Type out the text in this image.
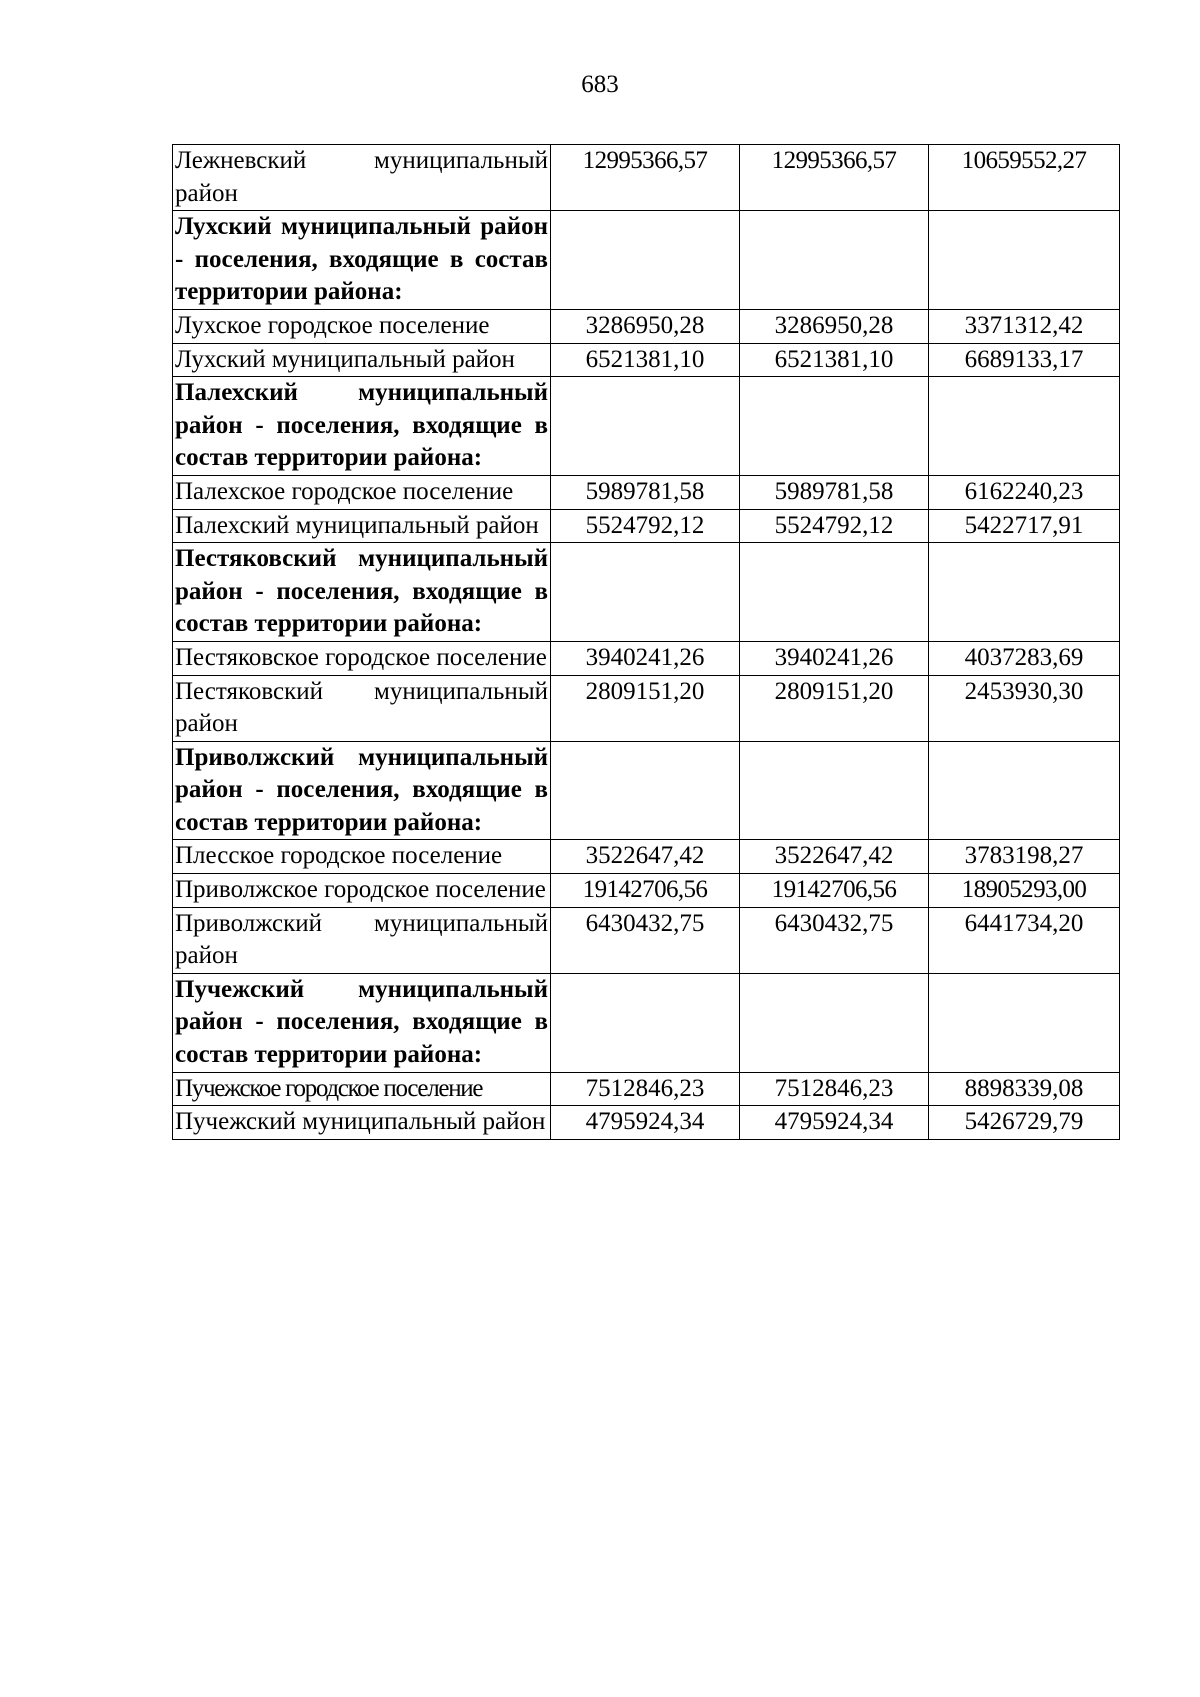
683
Лежневский муниципальный район	12995366,57	12995366,57	10659552,27
Лухский муниципальный район - поселения, входящие в состав территории района:			
Лухское городское поселение	3286950,28	3286950,28	3371312,42
Лухский муниципальный район	6521381,10	6521381,10	6689133,17
Палехский муниципальный район - поселения, входящие в состав территории района:			
Палехское городское поселение	5989781,58	5989781,58	6162240,23
Палехский муниципальный район	5524792,12	5524792,12	5422717,91
Пестяковский муниципальный район - поселения, входящие в состав территории района:			
Пестяковское городское поселение	3940241,26	3940241,26	4037283,69
Пестяковский муниципальный район	2809151,20	2809151,20	2453930,30
Приволжский муниципальный район - поселения, входящие в состав территории района:			
Плесское городское поселение	3522647,42	3522647,42	3783198,27
Приволжское городское поселение	19142706,56	19142706,56	18905293,00
Приволжский муниципальный район	6430432,75	6430432,75	6441734,20
Пучежский муниципальный район - поселения, входящие в состав территории района:			
Пучежское городское поселение	7512846,23	7512846,23	8898339,08
Пучежский муниципальный район	4795924,34	4795924,34	5426729,79
